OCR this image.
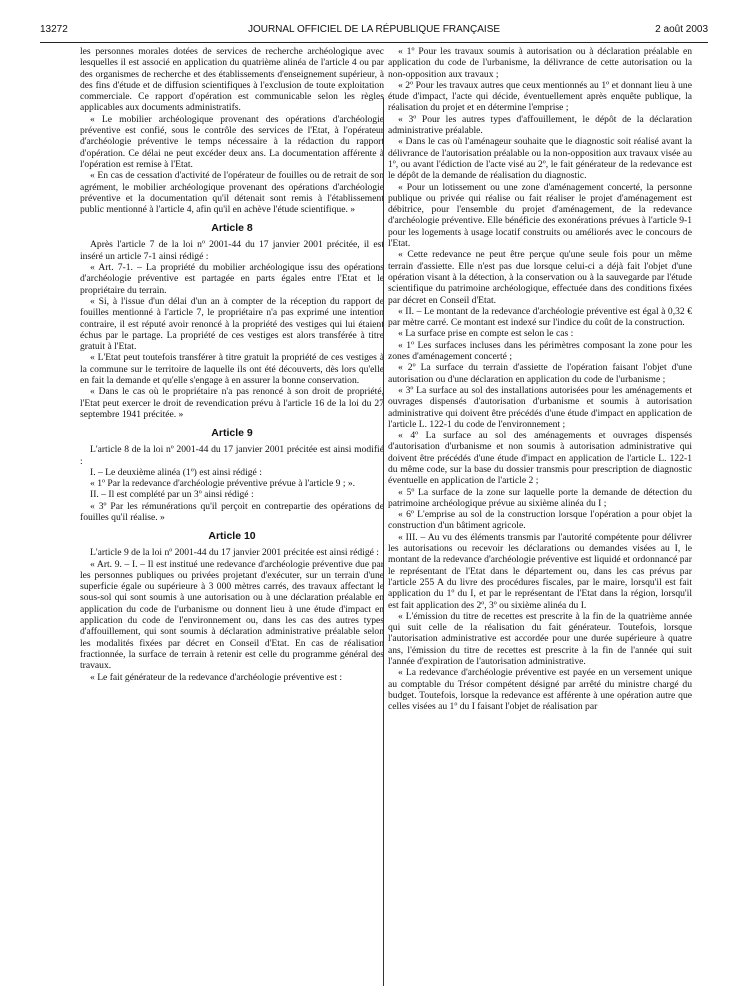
13272	JOURNAL OFFICIEL DE LA RÉPUBLIQUE FRANÇAISE	2 août 2003

les personnes morales dotées de services de recherche archéologique avec lesquelles il est associé en application du quatrième alinéa de l'article 4 ou par des organismes de recherche et des établissements d'enseignement supérieur, à des fins d'étude et de diffusion scientifiques à l'exclusion de toute exploitation commerciale. Ce rapport d'opération est communicable selon les règles applicables aux documents administratifs.

« Le mobilier archéologique provenant des opérations d'archéologie préventive est confié, sous le contrôle des services de l'Etat, à l'opérateur d'archéologie préventive le temps nécessaire à la rédaction du rapport d'opération. Ce délai ne peut excéder deux ans. La documentation afférente à l'opération est remise à l'Etat.

« En cas de cessation d'activité de l'opérateur de fouilles ou de retrait de son agrément, le mobilier archéologique provenant des opérations d'archéologie préventive et la documentation qu'il détenait sont remis à l'établissement public mentionné à l'article 4, afin qu'il en achève l'étude scientifique. »

Article 8

Après l'article 7 de la loi nº 2001-44 du 17 janvier 2001 précitée, il est inséré un article 7-1 ainsi rédigé :

« Art. 7-1. – La propriété du mobilier archéologique issu des opérations d'archéologie préventive est partagée en parts égales entre l'Etat et le propriétaire du terrain.

« Si, à l'issue d'un délai d'un an à compter de la réception du rapport de fouilles mentionné à l'article 7, le propriétaire n'a pas exprimé une intention contraire, il est réputé avoir renoncé à la propriété des vestiges qui lui étaient échus par le partage. La propriété de ces vestiges est alors transférée à titre gratuit à l'Etat.

« L'Etat peut toutefois transférer à titre gratuit la propriété de ces vestiges à la commune sur le territoire de laquelle ils ont été découverts, dès lors qu'elle en fait la demande et qu'elle s'engage à en assurer la bonne conservation.

« Dans le cas où le propriétaire n'a pas renoncé à son droit de propriété, l'Etat peut exercer le droit de revendication prévu à l'article 16 de la loi du 27 septembre 1941 précitée. »

Article 9

L'article 8 de la loi nº 2001-44 du 17 janvier 2001 précitée est ainsi modifié :

I. – Le deuxième alinéa (1º) est ainsi rédigé :

« 1º Par la redevance d'archéologie préventive prévue à l'article 9 ; ».

II. – Il est complété par un 3º ainsi rédigé :

« 3º Par les rémunérations qu'il perçoit en contrepartie des opérations de fouilles qu'il réalise. »

Article 10

L'article 9 de la loi nº 2001-44 du 17 janvier 2001 précitée est ainsi rédigé :

« Art. 9. – I. – Il est institué une redevance d'archéologie préventive due par les personnes publiques ou privées projetant d'exécuter, sur un terrain d'une superficie égale ou supérieure à 3 000 mètres carrés, des travaux affectant le sous-sol qui sont soumis à une autorisation ou à une déclaration préalable en application du code de l'urbanisme ou donnent lieu à une étude d'impact en application du code de l'environnement ou, dans les cas des autres types d'affouillement, qui sont soumis à déclaration administrative préalable selon les modalités fixées par décret en Conseil d'Etat. En cas de réalisation fractionnée, la surface de terrain à retenir est celle du programme général des travaux.

« Le fait générateur de la redevance d'archéologie préventive est :

« 1º Pour les travaux soumis à autorisation ou à déclaration préalable en application du code de l'urbanisme, la délivrance de cette autorisation ou la non-opposition aux travaux ;

« 2º Pour les travaux autres que ceux mentionnés au 1º et donnant lieu à une étude d'impact, l'acte qui décide, éventuellement après enquête publique, la réalisation du projet et en détermine l'emprise ;

« 3º Pour les autres types d'affouillement, le dépôt de la déclaration administrative préalable.

« Dans le cas où l'aménageur souhaite que le diagnostic soit réalisé avant la délivrance de l'autorisation préalable ou la non-opposition aux travaux visée au 1º, ou avant l'édiction de l'acte visé au 2º, le fait générateur de la redevance est le dépôt de la demande de réalisation du diagnostic.

« Pour un lotissement ou une zone d'aménagement concerté, la personne publique ou privée qui réalise ou fait réaliser le projet d'aménagement est débitrice, pour l'ensemble du projet d'aménagement, de la redevance d'archéologie préventive. Elle bénéficie des exonérations prévues à l'article 9-1 pour les logements à usage locatif construits ou améliorés avec le concours de l'Etat.

« Cette redevance ne peut être perçue qu'une seule fois pour un même terrain d'assiette. Elle n'est pas due lorsque celui-ci a déjà fait l'objet d'une opération visant à la détection, à la conservation ou à la sauvegarde par l'étude scientifique du patrimoine archéologique, effectuée dans des conditions fixées par décret en Conseil d'Etat.

« II. – Le montant de la redevance d'archéologie préventive est égal à 0,32 € par mètre carré. Ce montant est indexé sur l'indice du coût de la construction.

« La surface prise en compte est selon le cas :

« 1º Les surfaces incluses dans les périmètres composant la zone pour les zones d'aménagement concerté ;

« 2º La surface du terrain d'assiette de l'opération faisant l'objet d'une autorisation ou d'une déclaration en application du code de l'urbanisme ;

« 3º La surface au sol des installations autorisées pour les aménagements et ouvrages dispensés d'autorisation d'urbanisme et soumis à autorisation administrative qui doivent être précédés d'une étude d'impact en application de l'article L. 122-1 du code de l'environnement ;

« 4º La surface au sol des aménagements et ouvrages dispensés d'autorisation d'urbanisme et non soumis à autorisation administrative qui doivent être précédés d'une étude d'impact en application de l'article L. 122-1 du même code, sur la base du dossier transmis pour prescription de diagnostic éventuelle en application de l'article 2 ;

« 5º La surface de la zone sur laquelle porte la demande de détection du patrimoine archéologique prévue au sixième alinéa du I ;

« 6º L'emprise au sol de la construction lorsque l'opération a pour objet la construction d'un bâtiment agricole.

« III. – Au vu des éléments transmis par l'autorité compétente pour délivrer les autorisations ou recevoir les déclarations ou demandes visées au I, le montant de la redevance d'archéologie préventive est liquidé et ordonnancé par le représentant de l'Etat dans le département ou, dans les cas prévus par l'article 255 A du livre des procédures fiscales, par le maire, lorsqu'il est fait application du 1º du I, et par le représentant de l'Etat dans la région, lorsqu'il est fait application des 2º, 3º ou sixième alinéa du I.

« L'émission du titre de recettes est prescrite à la fin de la quatrième année qui suit celle de la réalisation du fait générateur. Toutefois, lorsque l'autorisation administrative est accordée pour une durée supérieure à quatre ans, l'émission du titre de recettes est prescrite à la fin de l'année qui suit l'année d'expiration de l'autorisation administrative.

« La redevance d'archéologie préventive est payée en un versement unique au comptable du Trésor compétent désigné par arrêté du ministre chargé du budget. Toutefois, lorsque la redevance est afférente à une opération autre que celles visées au 1º du I faisant l'objet de réalisation par
